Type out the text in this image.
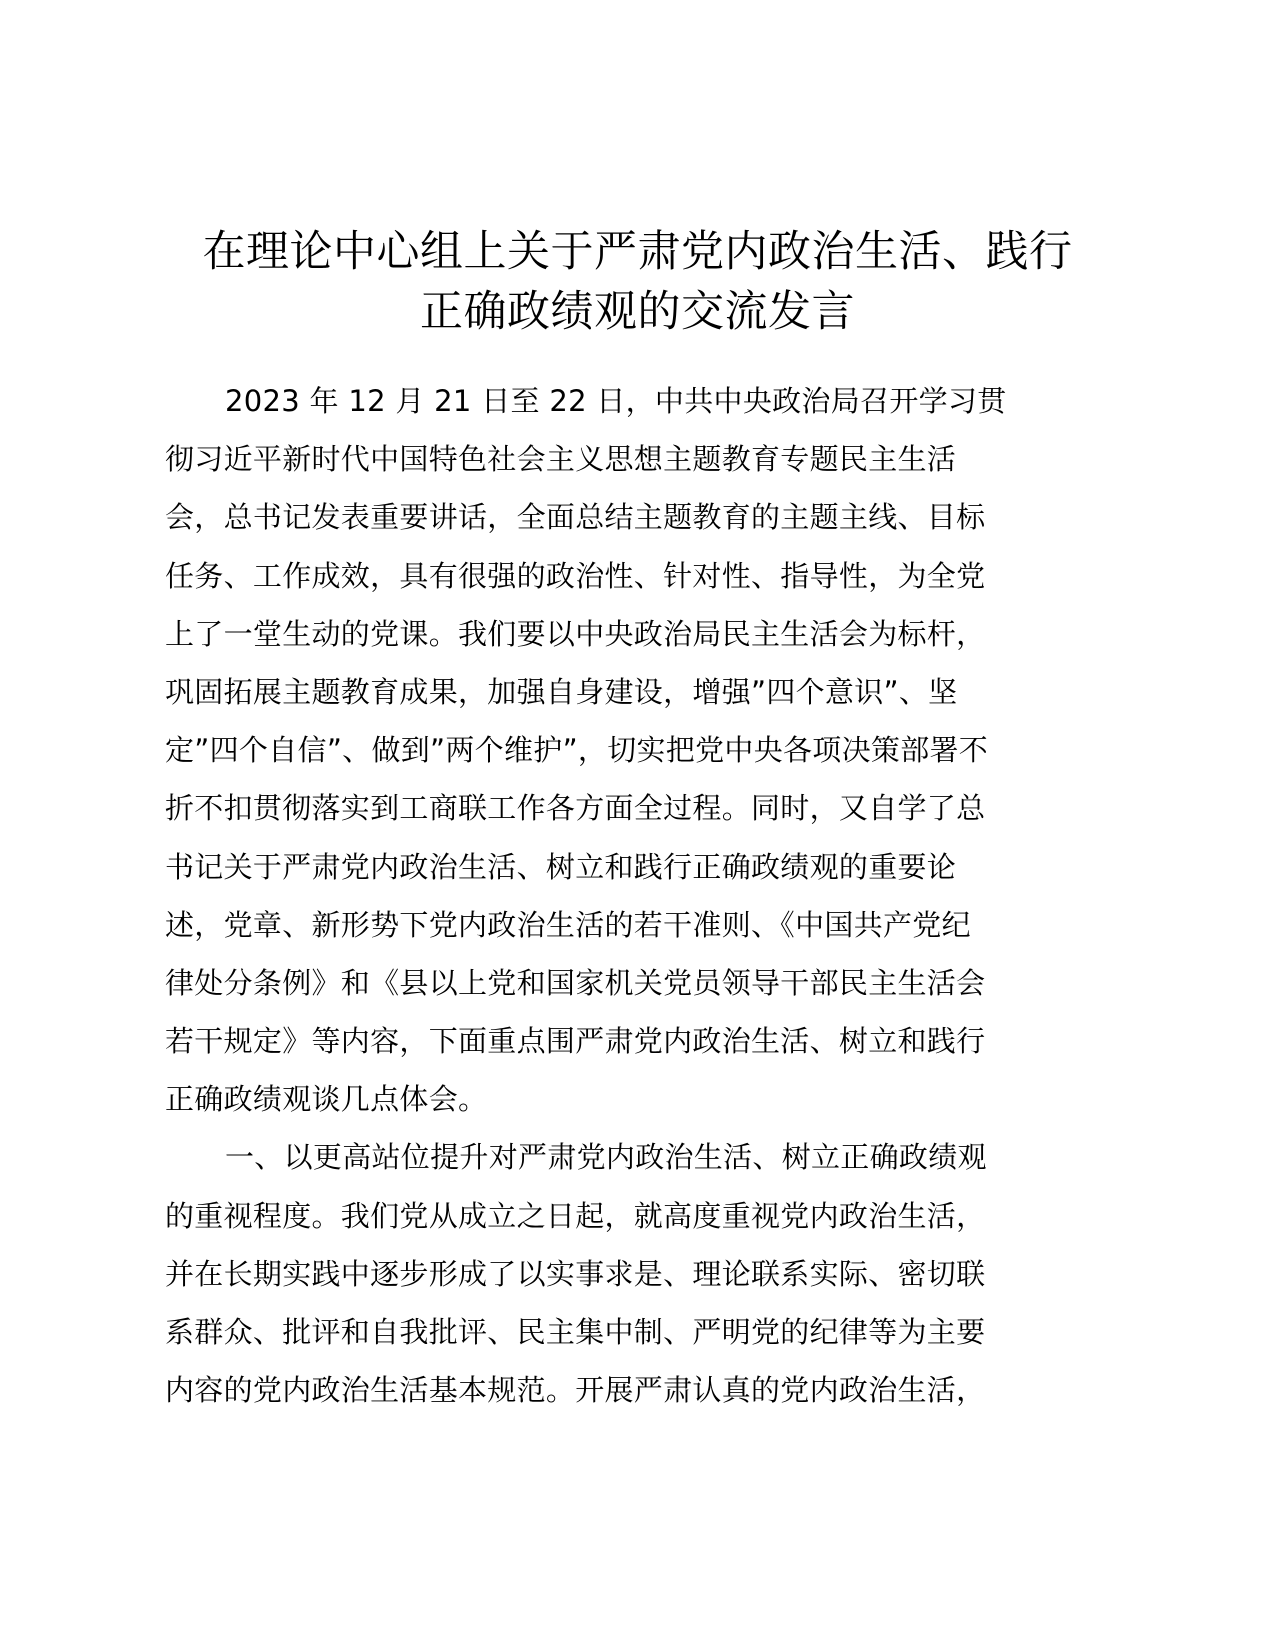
在理论中心组上关于严肃党内政治生活、践行
正确政绩观的交流发言
2023 年 12 月 21 日至 22 日，中共中央政治局召开学习贯
彻习近平新时代中国特色社会主义思想主题教育专题民主生活
会，总书记发表重要讲话，全面总结主题教育的主题主线、目标
任务、工作成效，具有很强的政治性、针对性、指导性，为全党
上了一堂生动的党课。我们要以中央政治局民主生活会为标杆，
巩固拓展主题教育成果，加强自身建设，增强”四个意识”、坚
定”四个自信”、做到”两个维护”，切实把党中央各项决策部署不
折不扣贯彻落实到工商联工作各方面全过程。同时，又自学了总
书记关于严肃党内政治生活、树立和践行正确政绩观的重要论
述，党章、新形势下党内政治生活的若干准则、《中国共产党纪
律处分条例》和《县以上党和国家机关党员领导干部民主生活会
若干规定》等内容，下面重点围严肃党内政治生活、树立和践行
正确政绩观谈几点体会。
一、以更高站位提升对严肃党内政治生活、树立正确政绩观
的重视程度。我们党从成立之日起，就高度重视党内政治生活，
并在长期实践中逐步形成了以实事求是、理论联系实际、密切联
系群众、批评和自我批评、民主集中制、严明党的纪律等为主要
内容的党内政治生活基本规范。开展严肃认真的党内政治生活，
